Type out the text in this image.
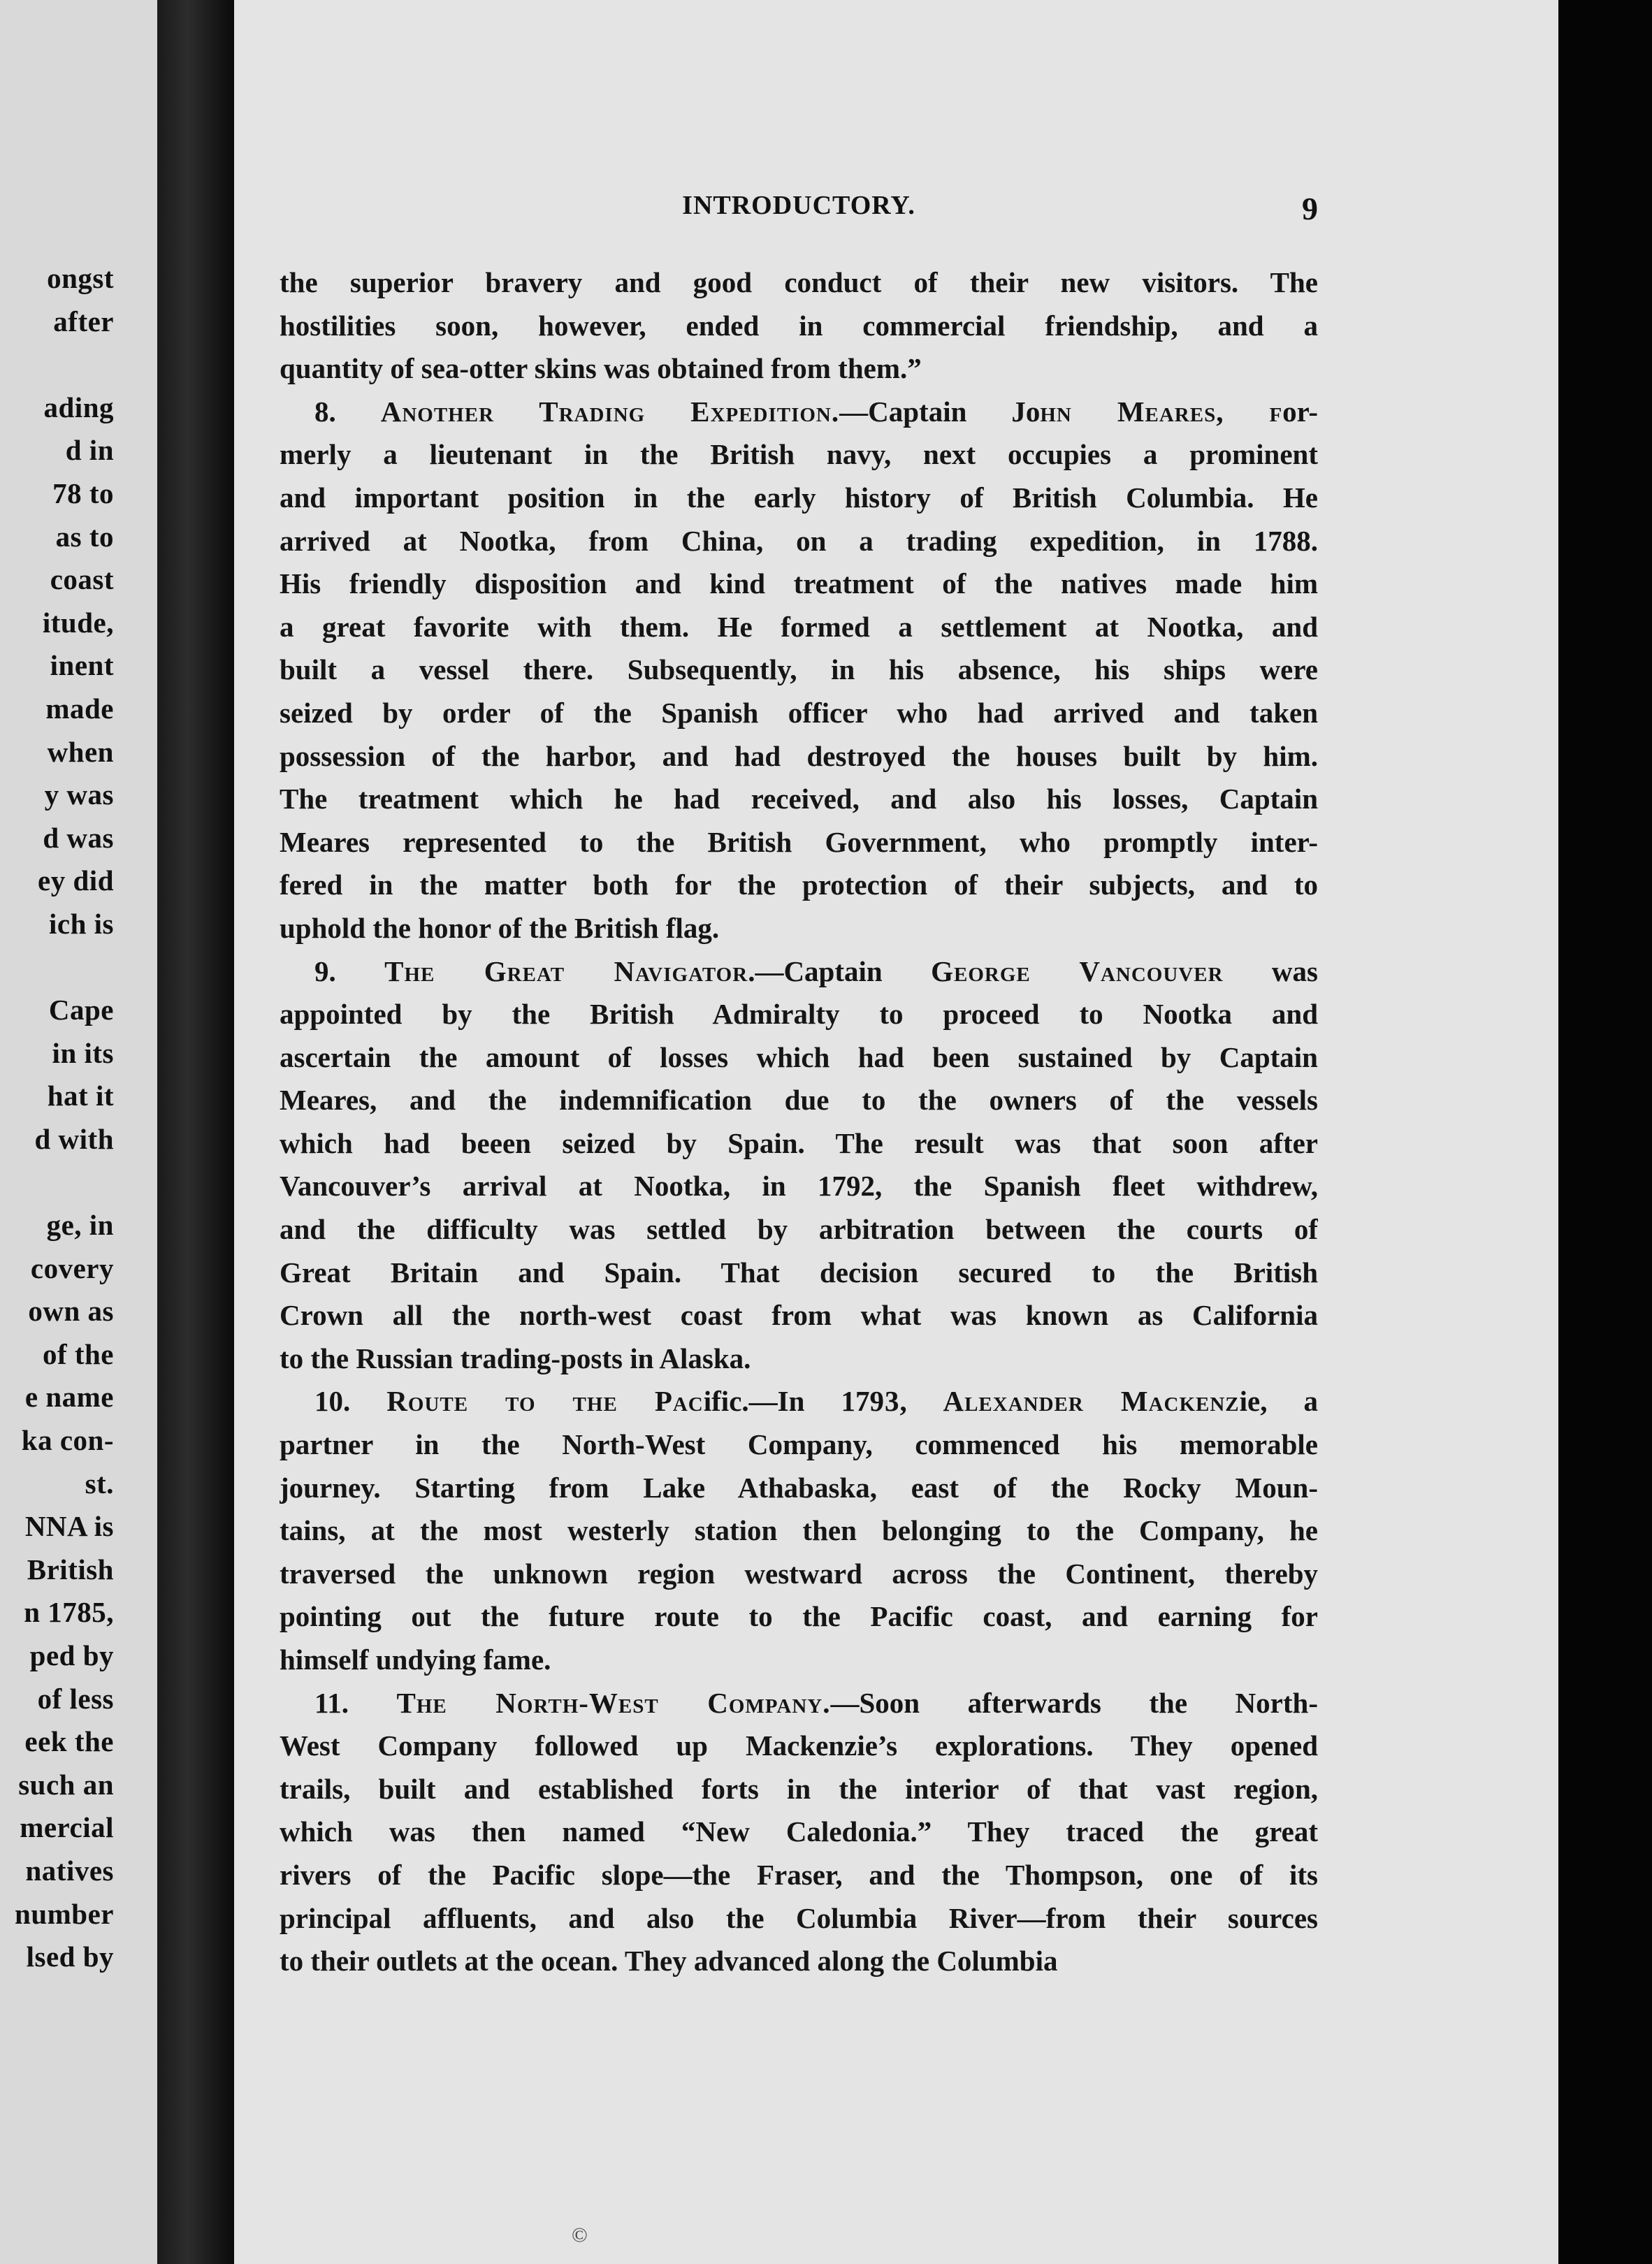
ongst
after

ading
d in
78 to
as to
coast
itude,
inent
made
when
y was
d was
ey did
ich is

Cape
in its
hat it
d with

ge, in
covery
own as
of the
e name
ka con-
st.
NNA is
British
n 1785,
ped by
of less
eek the
such an
mercial
natives
number
lsed by
INTRODUCTORY.	9

the superior bravery and good conduct of their new visitors. The

hostilities soon, however, ended in commercial friendship, and a

quantity of sea-otter skins was obtained from them.”

8. Another Trading Expedition.—Captain John Meares, for-

merly a lieutenant in the British navy, next occupies a prominent

and important position in the early history of British Columbia. He

arrived at Nootka, from China, on a trading expedition, in 1788.

His friendly disposition and kind treatment of the natives made him

a great favorite with them. He formed a settlement at Nootka, and

built a vessel there. Subsequently, in his absence, his ships were

seized by order of the Spanish officer who had arrived and taken

possession of the harbor, and had destroyed the houses built by him.

The treatment which he had received, and also his losses, Captain

Meares represented to the British Government, who promptly inter-

fered in the matter both for the protection of their subjects, and to

uphold the honor of the British flag.

9. The Great Navigator.—Captain George Vancouver was

appointed by the British Admiralty to proceed to Nootka and

ascertain the amount of losses which had been sustained by Captain

Meares, and the indemnification due to the owners of the vessels

which had beeen seized by Spain. The result was that soon after

Vancouver’s arrival at Nootka, in 1792, the Spanish fleet withdrew,

and the difficulty was settled by arbitration between the courts of

Great Britain and Spain. That decision secured to the British

Crown all the north-west coast from what was known as California

to the Russian trading-posts in Alaska.

10. Route to the Pacific.—In 1793, Alexander Mackenzie, a

partner in the North-West Company, commenced his memorable

journey. Starting from Lake Athabaska, east of the Rocky Moun-

tains, at the most westerly station then belonging to the Company, he

traversed the unknown region westward across the Continent, thereby

pointing out the future route to the Pacific coast, and earning for

himself undying fame.

11. The North-West Company.—Soon afterwards the North-

West Company followed up Mackenzie’s explorations. They opened

trails, built and established forts in the interior of that vast region,

which was then named “New Caledonia.” They traced the great

rivers of the Pacific slope—the Fraser, and the Thompson, one of its

principal affluents, and also the Columbia River—from their sources

to their outlets at the ocean. They advanced along the Columbia

©
